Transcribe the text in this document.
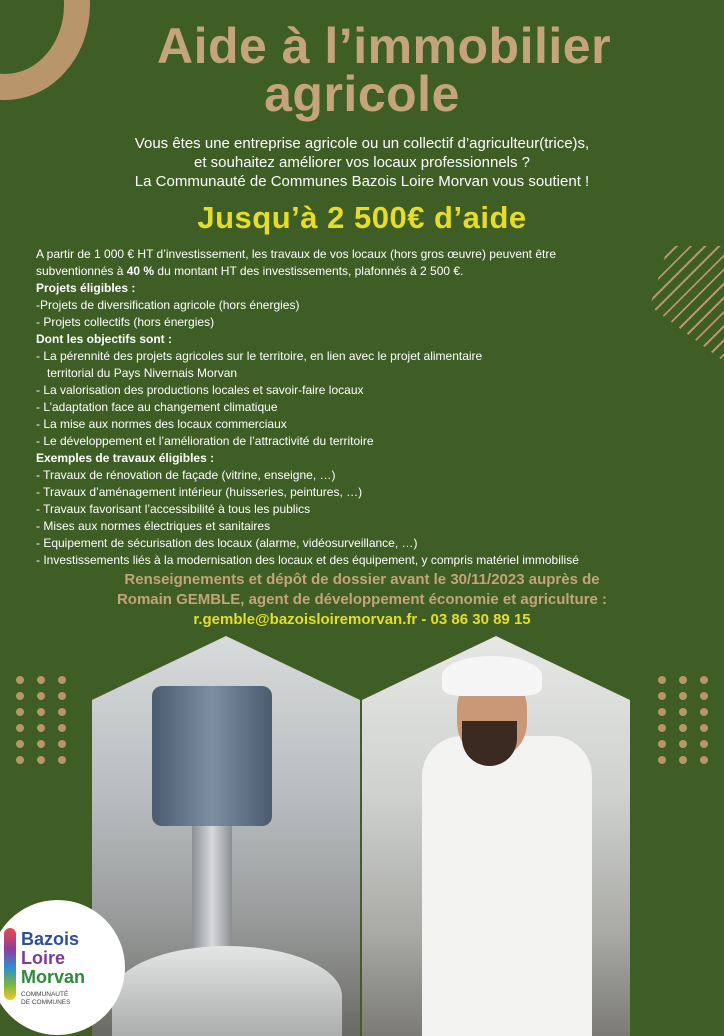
Aide à l’immobilier
agricole
Vous êtes une entreprise agricole ou un collectif d’agriculteur(trice)s,
et souhaitez améliorer vos locaux professionnels ?
La Communauté de Communes Bazois Loire Morvan vous soutient !
Jusqu’à 2 500€ d’aide
A partir de 1 000 € HT d’investissement, les travaux de vos locaux (hors gros œuvre) peuvent être
subventionnés à 40 % du montant HT des investissements, plafonnés à 2 500 €.
Projets éligibles :
-Projets de diversification agricole (hors énergies)
- Projets collectifs (hors énergies)
Dont les objectifs sont :
- La pérennité des projets agricoles sur le territoire, en lien avec le projet alimentaire
territorial du Pays Nivernais Morvan
- La valorisation des productions locales et savoir-faire locaux
- L’adaptation face au changement climatique
- La mise aux normes des locaux commerciaux
- Le développement et l’amélioration de l’attractivité du territoire
Exemples de travaux éligibles :
- Travaux de rénovation de façade (vitrine, enseigne, …)
- Travaux d’aménagement intérieur (huisseries, peintures, …)
- Travaux favorisant l’accessibilité à tous les publics
- Mises aux normes électriques et sanitaires
- Equipement de sécurisation des locaux (alarme, vidéosurveillance, …)
- Investissements liés à la modernisation des locaux et des équipement, y compris matériel immobilisé
Renseignements et dépôt de dossier avant le 30/11/2023 auprès de
Romain GEMBLE, agent de développement économie et agriculture :
r.gemble@bazoisloiremorvan.fr - 03 86 30 89 15
Bazois
Loire
Morvan
COMMUNAUTÉ
DE COMMUNES
